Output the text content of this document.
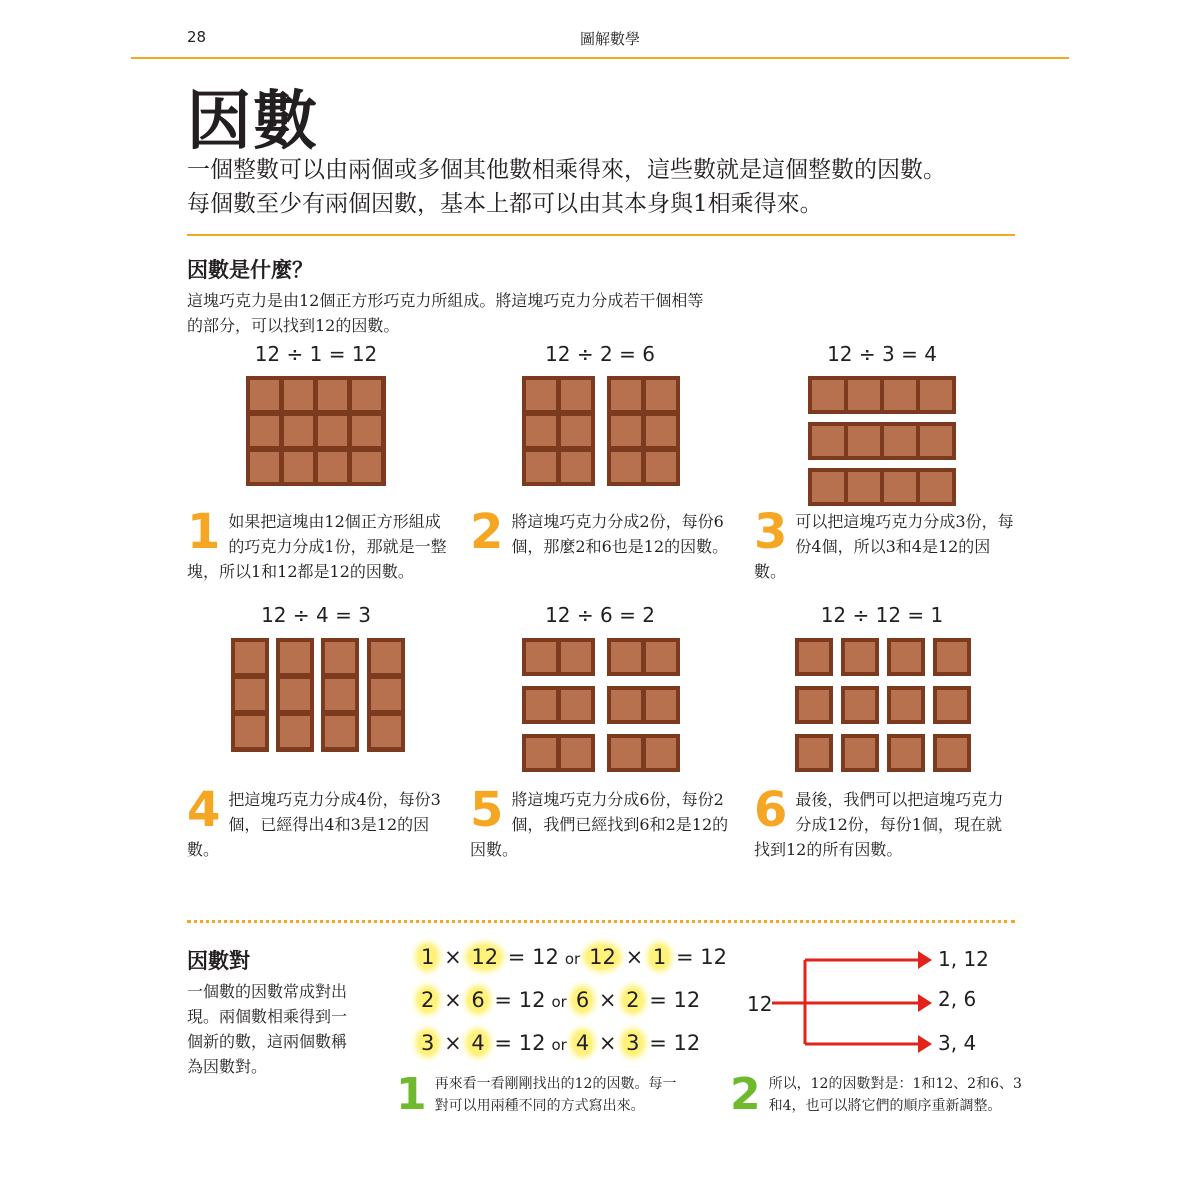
28	圖解數學
因數
一個整數可以由兩個或多個其他數相乘得來，這些數就是這個整數的因數。
每個數至少有兩個因數，基本上都可以由其本身與1相乘得來。
因數是什麼？
這塊巧克力是由12個正方形巧克力所組成。將這塊巧克力分成若干個相等
的部分，可以找到12的因數。
12 ÷ 1 = 12	12 ÷ 2 = 6	12 ÷ 3 = 4
12 ÷ 4 = 3	12 ÷ 6 = 2	12 ÷ 12 = 1
1 如果把這塊由12個正方形組成的巧克力分成1份，那就是一整塊，所以1和12都是12的因數。
2 將這塊巧克力分成2份，每份6個，那麼2和6也是12的因數。 3 可以把這塊巧克力分成3份，每份4個，所以3和4是12的因數。
4 把這塊巧克力分成4份，每份3個，已經得出4和3是12的因數。
5 將這塊巧克力分成6份，每份2個，我們已經找到6和2是12的因數。
6 最後，我們可以把這塊巧克力分成12份，每份1個，現在就找到12的所有因數。
因數對
一個數的因數常成對出
現。兩個數相乘得到一
個新的數，這兩個數稱
為因數對。
1 × 12 = 12 or 12 × 1 = 12
2 × 6 = 12 or 6 × 2 = 12
3 × 4 = 12 or 4 × 3 = 12
12
1, 12
2, 6
3, 4
1 再來看一看剛剛找出的12的因數。每一
對可以用兩種不同的方式寫出來。	2 所以，12的因數對是：1和12、2和6、3
和4，也可以將它們的順序重新調整。
